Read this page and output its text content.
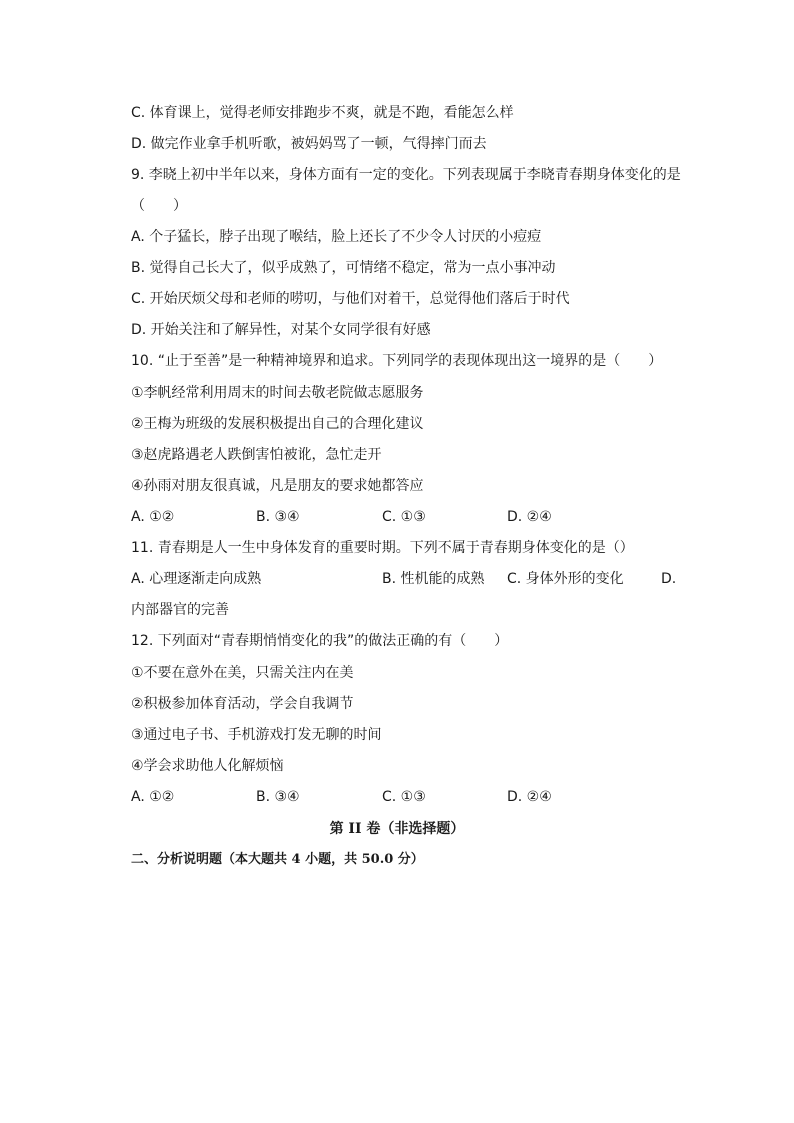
C. 体育课上，觉得老师安排跑步不爽，就是不跑，看能怎么样
D. 做完作业拿手机听歌，被妈妈骂了一顿，气得摔门而去
9. 李晓上初中半年以来，身体方面有一定的变化。下列表现属于李晓青春期身体变化的是
（　　）
A. 个子猛长，脖子出现了喉结，脸上还长了不少令人讨厌的小痘痘
B. 觉得自己长大了，似乎成熟了，可情绪不稳定，常为一点小事冲动
C. 开始厌烦父母和老师的唠叨，与他们对着干，总觉得他们落后于时代
D. 开始关注和了解异性，对某个女同学很有好感
10. “止于至善”是一种精神境界和追求。下列同学的表现体现出这一境界的是（　　）
①李帆经常利用周末的时间去敬老院做志愿服务
②王梅为班级的发展积极提出自己的合理化建议
③赵虎路遇老人跌倒害怕被讹，急忙走开
④孙雨对朋友很真诚，凡是朋友的要求她都答应
A. ①②	B. ③④	C. ①③	D. ②④
11. 青春期是人一生中身体发育的重要时期。下列不属于青春期身体变化的是（）
A. 心理逐渐走向成熟	B. 性机能的成熟 C. 身体外形的变化	D.
内部器官的完善
12. 下列面对“青春期悄悄变化的我”的做法正确的有（　　）
①不要在意外在美，只需关注内在美
②积极参加体育活动，学会自我调节
③通过电子书、手机游戏打发无聊的时间
④学会求助他人化解烦恼
A. ①②	B. ③④	C. ①③	D. ②④
第 II 卷（非选择题）
二、分析说明题（本大题共 4 小题，共 50.0 分）
